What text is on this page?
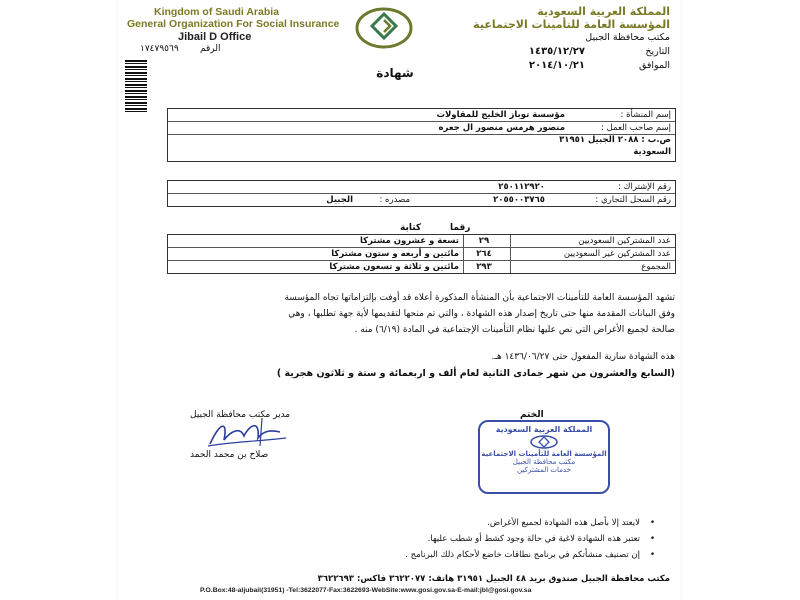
Kingdom of Saudi Arabia
General Organization For Social Insurance
Jibail D Office
الرقم
١٧٤٧٩٥٦٩
المملكة العربية السعودية
المؤسسة العامة للتأمينات الاجتماعية
مكتب محافظة الجبيل
التاريخ
١٤٣٥/١٢/٢٧
الموافق
٢٠١٤/١٠/٢١
شهادة
إسم المنشأة :
مؤسسة توباز الخليج للمقاولات
إسم صاحب العمل :
منصور هرمس منصور ال جعره
ص.ب : ٢٠٨٨ الجبيل ٣١٩٥١
السعودية
رقم الإشتراك :
٢٥٠١١٢٩٢٠
رقم السجل التجاري :
٢٠٥٥٠٠٣٧٦٥
مصدره :
الجبيل
رقما
كتابة
عدد المشتركين السعوديين
٢٩
تسعة و عشرون مشتركا
عدد المشتركين غير السعوديين
٢٦٤
مائتين و أربعه و ستون مشتركا
المجموع
٢٩٣
مائتين و ثلاثة و تسعون مشتركا
تشهد المؤسسة العامة للتأمينات الاجتماعية بأن المنشأة المذكورة أعلاه قد أوفت بإلتزاماتها تجاه المؤسسة
وفق البيانات المقدمة منها حتى تاريخ إصدار هذه الشهادة ، والتي تم منحها لتقديمها لأية جهة تطلبها ، وهي
صالحة لجميع الأغراض التي نص عليها نظام التأمينات الإجتماعية في المادة (٦/١٩) منه .
هذه الشهادة سارية المفعول حتى ١٤٣٦/٠٦/٢٧ هـ.
(السابع والعشرون من شهر جمادى الثانية لعام ألف و اربعمائة و ستة و ثلاثون هجرية )
مدير مكتب محافظة الجبيل
صلاح بن محمد الحمد
الختم
المملكة العربية السعودية
المؤسسة العامة للتأمينات الاجتماعية
مكتب محافظة الجبيل
خدمات المشتركين
لايعتد إلا بأصل هذه الشهادة لجميع الأغراض. •
تعتبر هذه الشهادة لاغية في حالة وجود كشط أو شطب عليها. •
إن تصنيف منشأتكم في برنامج نطاقات خاضع لأحكام ذلك البرنامج . •
مكتب محافظة الجبيل صندوق بريد ٤٨ الجبيل ٣١٩٥١ هاتف: ٣٦٢٢٠٧٧ فاكس: ٣٦٢٢٦٩٣
P.O.Box:48-aljubail(31951) -Tel:3622077-Fax:3622693-WebSite:www.gosi.gov.sa-E-mail:jbl@gosi.gov.sa
